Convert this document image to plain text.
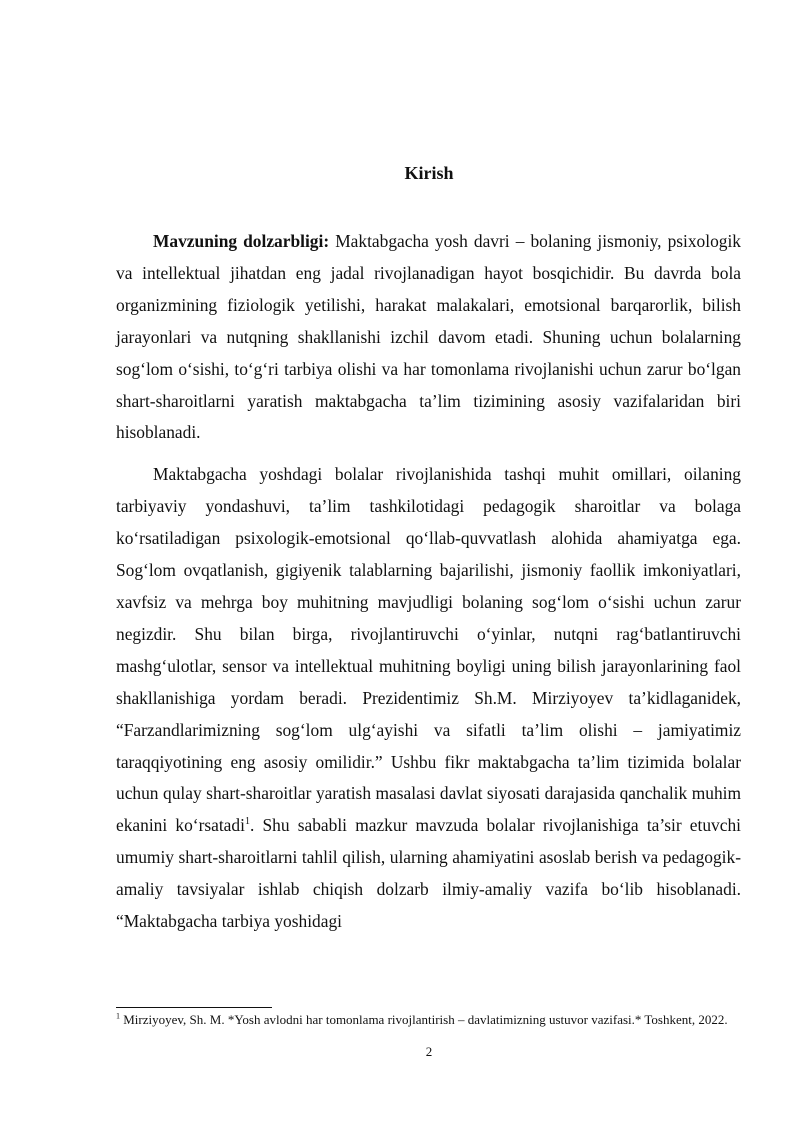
Kirish

Mavzuning dolzarbligi: Maktabgacha yosh davri – bolaning jismoniy, psixologik va intellektual jihatdan eng jadal rivojlanadigan hayot bosqichidir. Bu davrda bola organizmining fiziologik yetilishi, harakat malakalari, emotsional barqarorlik, bilish jarayonlari va nutqning shakllanishi izchil davom etadi. Shuning uchun bolalarning sog‘lom o‘sishi, to‘g‘ri tarbiya olishi va har tomonlama rivojlanishi uchun zarur bo‘lgan shart-sharoitlarni yaratish maktabgacha ta’lim tizimining asosiy vazifalaridan biri hisoblanadi.

Maktabgacha yoshdagi bolalar rivojlanishida tashqi muhit omillari, oilaning tarbiyaviy yondashuvi, ta’lim tashkilotidagi pedagogik sharoitlar va bolaga ko‘rsatiladigan psixologik-emotsional qo‘llab-quvvatlash alohida ahamiyatga ega. Sog‘lom ovqatlanish, gigiyenik talablarning bajarilishi, jismoniy faollik imkoniyatlari, xavfsiz va mehrga boy muhitning mavjudligi bolaning sog‘lom o‘sishi uchun zarur negizdir. Shu bilan birga, rivojlantiruvchi o‘yinlar, nutqni rag‘batlantiruvchi mashg‘ulotlar, sensor va intellektual muhitning boyligi uning bilish jarayonlarining faol shakllanishiga yordam beradi. Prezidentimiz Sh.M. Mirziyoyev ta’kidlaganidek, “Farzandlarimizning sog‘lom ulg‘ayishi va sifatli ta’lim olishi – jamiyatimiz taraqqiyotining eng asosiy omilidir.” Ushbu fikr maktabgacha ta’lim tizimida bolalar uchun qulay shart-sharoitlar yaratish masalasi davlat siyosati darajasida qanchalik muhim ekanini ko‘rsatadi$^1$. Shu sababli mazkur mavzuda bolalar rivojlanishiga ta’sir etuvchi umumiy shart-sharoitlarni tahlil qilish, ularning ahamiyatini asoslab berish va pedagogik-amaliy tavsiyalar ishlab chiqish dolzarb ilmiy-amaliy vazifa bo‘lib hisoblanadi. “Maktabgacha tarbiya yoshidagi

$^1$ Mirziyoyev, Sh. M. *Yosh avlodni har tomonlama rivojlantirish – davlatimizning ustuvor vazifasi.* Toshkent, 2022.
2
